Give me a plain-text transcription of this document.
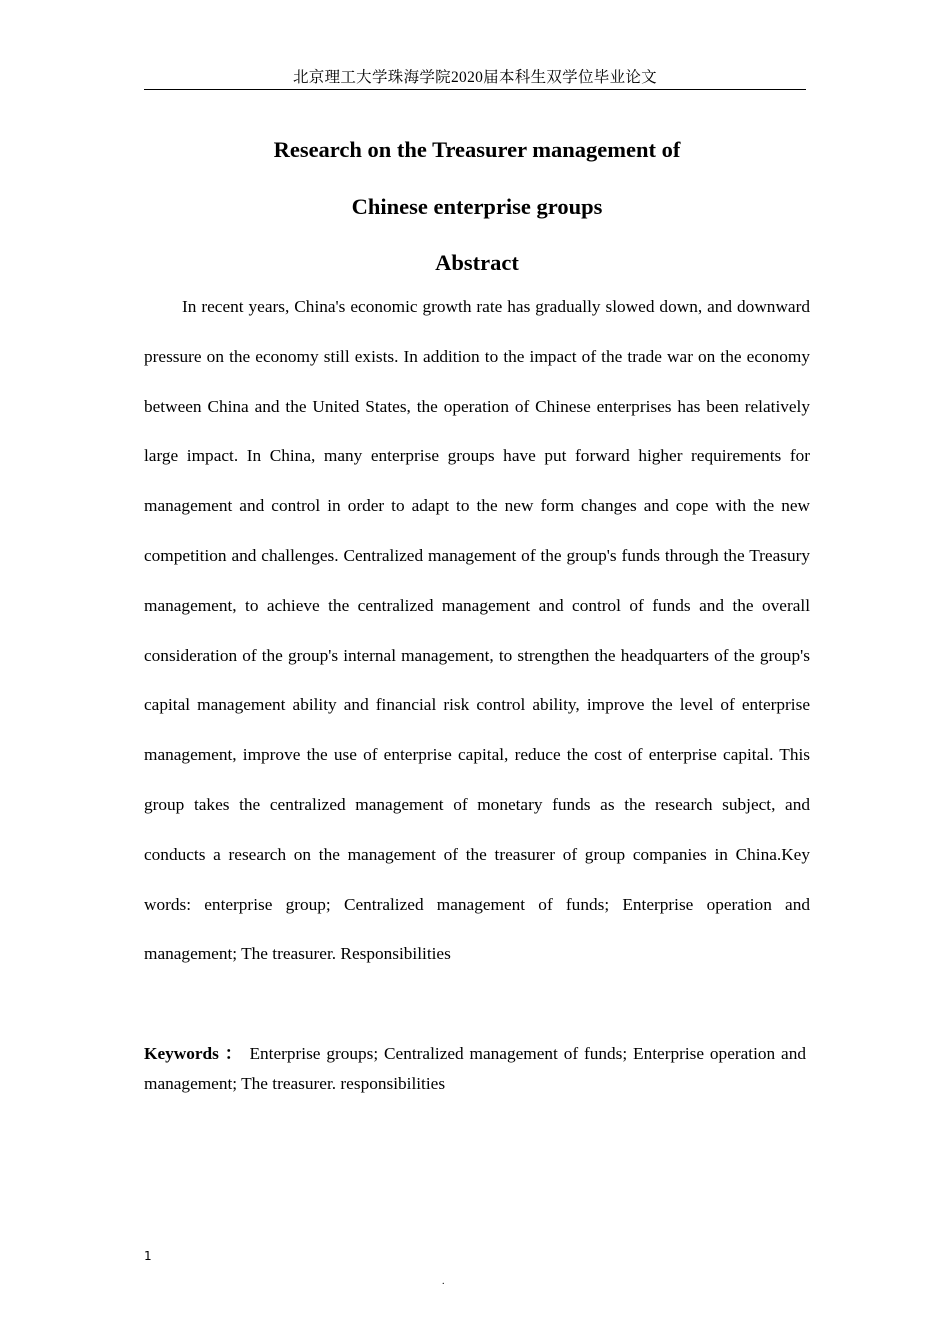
北京理工大学珠海学院2020届本科生双学位毕业论文
Research on the Treasurer management of
Chinese enterprise groups
Abstract

In recent years, China's economic growth rate has gradually slowed down, and downward pressure on the economy still exists. In addition to the impact of the trade war on the economy between China and the United States, the operation of Chinese enterprises has been relatively large impact. In China, many enterprise groups have put forward higher requirements for management and control in order to adapt to the new form changes and cope with the new competition and challenges. Centralized management of the group's funds through the Treasury management, to achieve the centralized management and control of funds and the overall consideration of the group's internal management, to strengthen the headquarters of the group's capital management ability and financial risk control ability, improve the level of enterprise management, improve the use of enterprise capital, reduce the cost of enterprise capital. This group takes the centralized management of monetary funds as the research subject, and conducts a research on the management of the treasurer of group companies in China.Key words: enterprise group; Centralized management of funds; Enterprise operation and management; The treasurer. Responsibilities

Keywords ： Enterprise groups; Centralized management of funds; Enterprise operation and management; The treasurer. responsibilities

1
.
